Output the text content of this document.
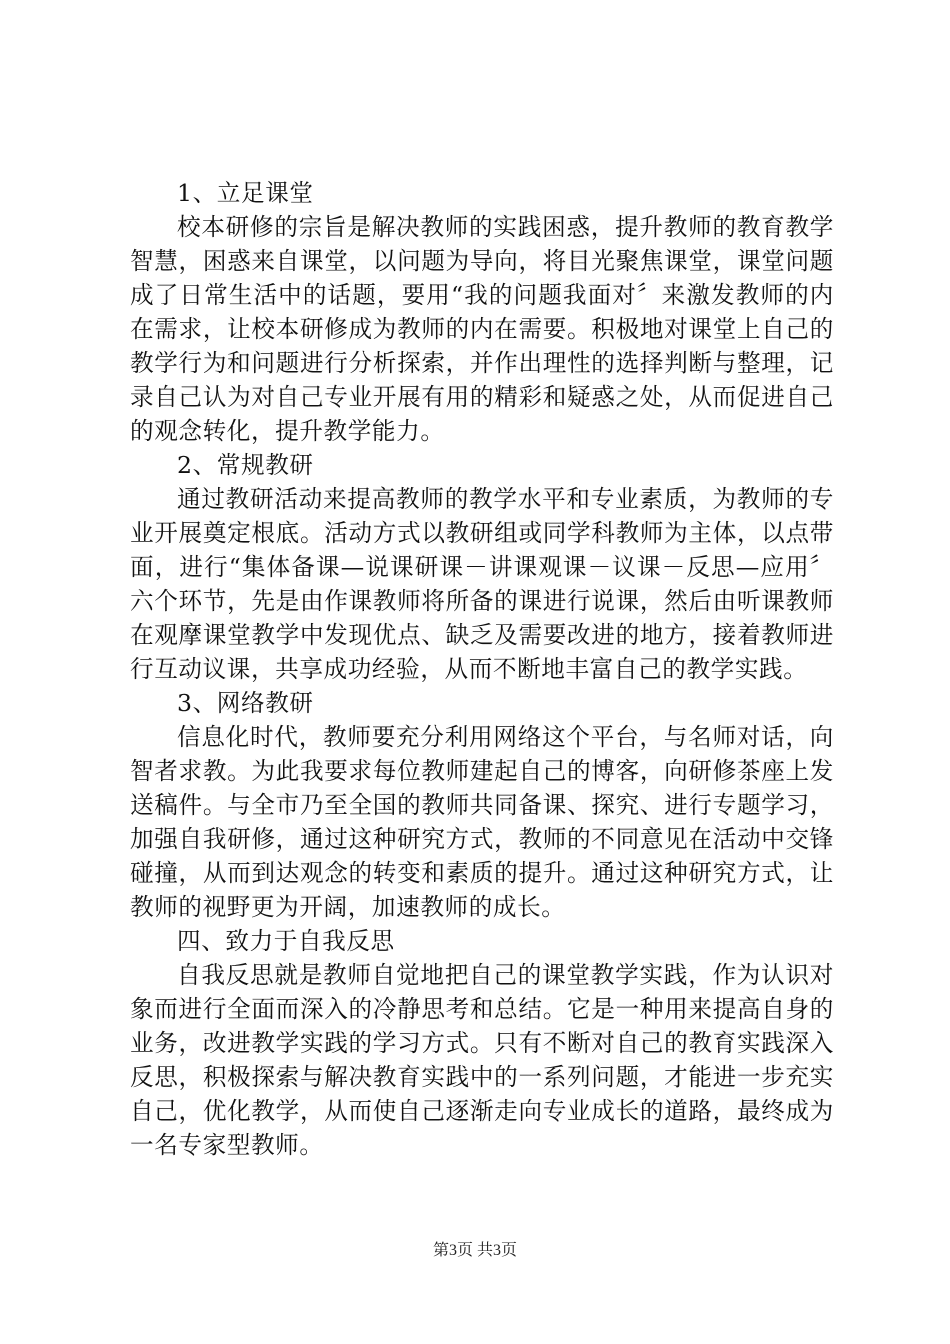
1、立足课堂

校本研修的宗旨是解决教师的实践困惑，提升教师的教育教学智慧，困惑来自课堂，以问题为导向，将目光聚焦课堂，课堂问题成了日常生活中的话题，要用“我的问题我面对〞来激发教师的内在需求，让校本研修成为教师的内在需要。积极地对课堂上自己的教学行为和问题进行分析探索，并作出理性的选择判断与整理，记录自己认为对自己专业开展有用的精彩和疑惑之处，从而促进自己的观念转化，提升教学能力。

2、常规教研

通过教研活动来提高教师的教学水平和专业素质，为教师的专业开展奠定根底。活动方式以教研组或同学科教师为主体，以点带面，进行“集体备课—说课研课－讲课观课－议课－反思—应用〞六个环节，先是由作课教师将所备的课进行说课，然后由听课教师在观摩课堂教学中发现优点、缺乏及需要改进的地方，接着教师进行互动议课，共享成功经验，从而不断地丰富自己的教学实践。

3、网络教研

信息化时代，教师要充分利用网络这个平台，与名师对话，向智者求教。为此我要求每位教师建起自己的博客，向研修茶座上发送稿件。与全市乃至全国的教师共同备课、探究、进行专题学习，加强自我研修，通过这种研究方式，教师的不同意见在活动中交锋碰撞，从而到达观念的转变和素质的提升。通过这种研究方式，让教师的视野更为开阔，加速教师的成长。

四、致力于自我反思

自我反思就是教师自觉地把自己的课堂教学实践，作为认识对象而进行全面而深入的冷静思考和总结。它是一种用来提高自身的业务，改进教学实践的学习方式。只有不断对自己的教育实践深入反思，积极探索与解决教育实践中的一系列问题，才能进一步充实自己，优化教学，从而使自己逐渐走向专业成长的道路，最终成为一名专家型教师。

第3页 共3页
